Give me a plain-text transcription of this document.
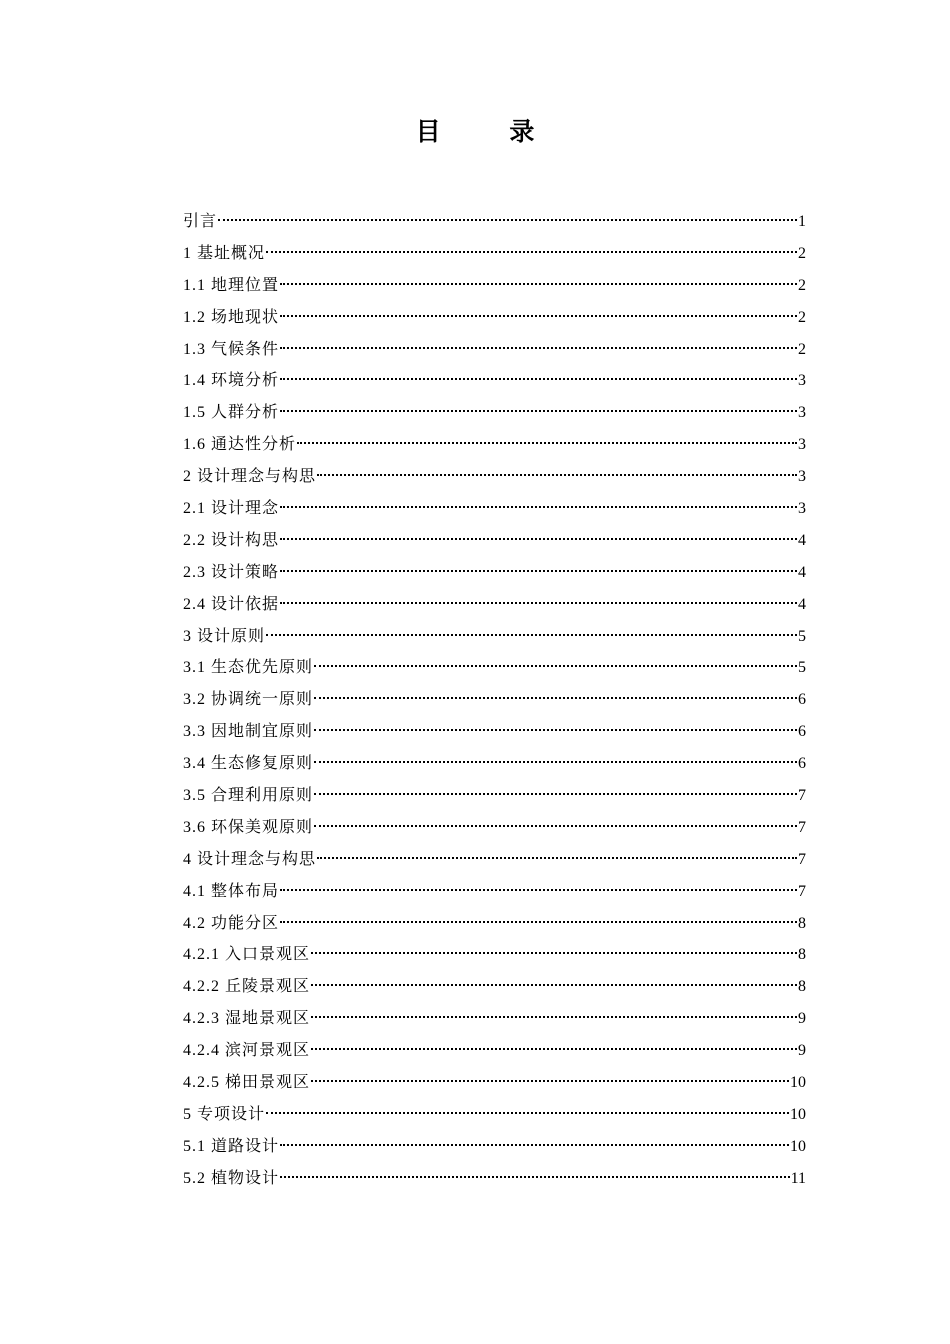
目 录
引言	1
1 基址概况	2
1.1 地理位置	2
1.2 场地现状	2
1.3 气候条件	2
1.4 环境分析	3
1.5 人群分析	3
1.6 通达性分析	3
2 设计理念与构思	3
2.1 设计理念	3
2.2 设计构思	4
2.3 设计策略	4
2.4 设计依据	4
3 设计原则	5
3.1 生态优先原则	5
3.2 协调统一原则	6
3.3 因地制宜原则	6
3.4 生态修复原则	6
3.5 合理利用原则	7
3.6 环保美观原则	7
4 设计理念与构思	7
4.1 整体布局	7
4.2 功能分区	8
4.2.1 入口景观区	8
4.2.2 丘陵景观区	8
4.2.3 湿地景观区	9
4.2.4 滨河景观区	9
4.2.5 梯田景观区	10
5 专项设计	10
5.1 道路设计	10
5.2 植物设计	11
